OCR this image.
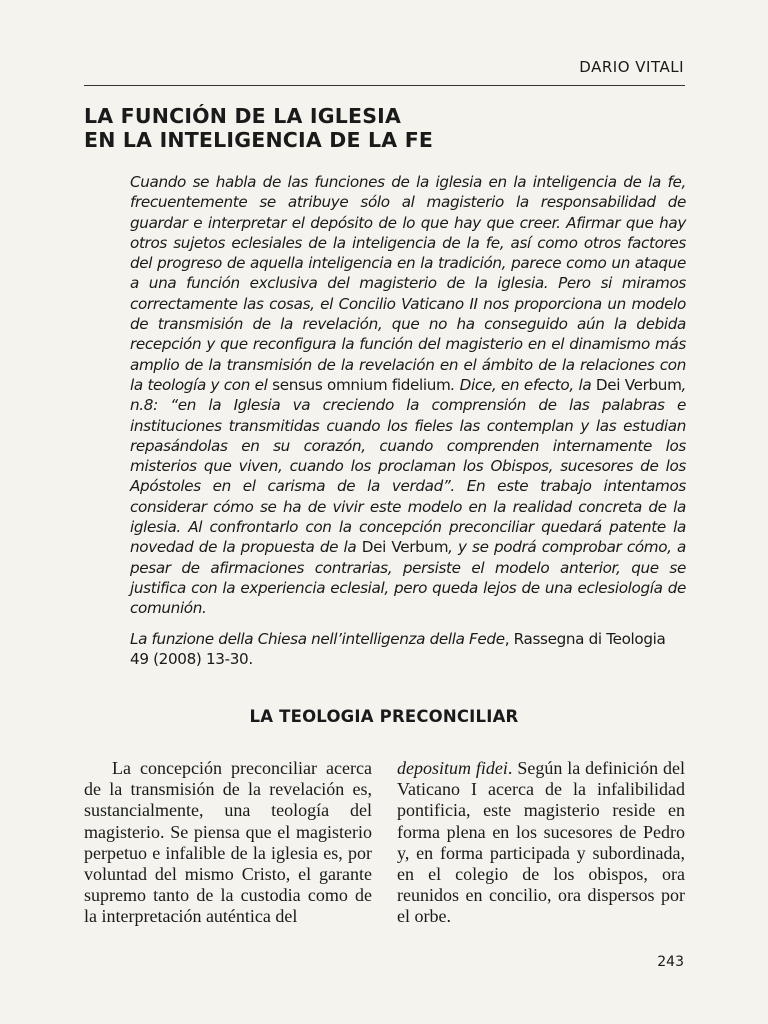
DARIO VITALI
LA FUNCIÓN DE LA IGLESIA
EN LA INTELIGENCIA DE LA FE

Cuando se habla de las funciones de la iglesia en la inteligencia de la fe, frecuentemente se atribuye sólo al magisterio la responsabilidad de guardar e interpretar el depósito de lo que hay que creer. Afirmar que hay otros sujetos eclesiales de la inteligencia de la fe, así como otros factores del progreso de aquella inteligencia en la tradición, parece como un ataque a una función exclusiva del magisterio de la iglesia. Pero si miramos correctamente las cosas, el Concilio Vaticano II nos proporciona un modelo de transmisión de la revelación, que no ha conseguido aún la debida recepción y que reconfigura la función del magisterio en el dinamismo más amplio de la transmisión de la revelación en el ámbito de la relaciones con la teología y con el sensus omnium fidelium. Dice, en efecto, la Dei Verbum, n.8: “en la Iglesia va creciendo la comprensión de las palabras e instituciones transmitidas cuando los fieles las contemplan y las estudian repasándolas en su corazón, cuando comprenden internamente los misterios que viven, cuando los proclaman los Obispos, sucesores de los Apóstoles en el carisma de la verdad”. En este trabajo intentamos considerar cómo se ha de vivir este modelo en la realidad concreta de la iglesia. Al confrontarlo con la concepción preconciliar quedará patente la novedad de la propuesta de la Dei Verbum, y se podrá comprobar cómo, a pesar de afirmaciones contrarias, persiste el modelo anterior, que se justifica con la experiencia eclesial, pero queda lejos de una eclesiología de comunión.

La funzione della Chiesa nell’intelligenza della Fede, Rassegna di Teologia 49 (2008) 13-30.

LA TEOLOGIA PRECONCILIAR

La concepción preconciliar acerca de la transmisión de la revelación es, sustancialmente, una teología del magisterio. Se piensa que el magisterio perpetuo e infalible de la iglesia es, por voluntad del mismo Cristo, el garante supremo tanto de la custodia como de la interpretación auténtica del

depositum fidei. Según la definición del Vaticano I acerca de la infalibilidad pontificia, este magisterio reside en forma plena en los sucesores de Pedro y, en forma participada y subordinada, en el colegio de los obispos, ora reunidos en concilio, ora dispersos por el orbe.

243
